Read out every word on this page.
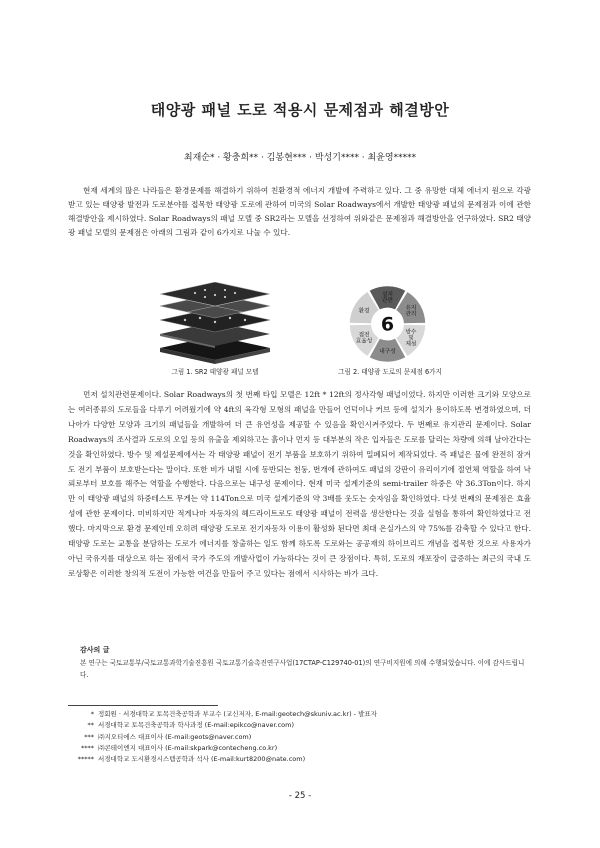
태양광 패널 도로 적용시 문제점과 해결방안
최재순* · 황충희** · 김봉현*** · 박성기**** · 최윤영*****

현재 세계의 많은 나라들은 환경문제를 해결하기 위하여 친환경적 에너지 개발에 주력하고 있다. 그 중 유망한 대체 에너지 원으로 각광받고 있는 태양광 발전과 도로분야를 접목한 태양광 도로에 관하여 미국의 Solar Roadways에서 개발한 태양광 패널의 문제점과 이에 관한 해결방안을 제시하였다. Solar Roadways의 패널 모델 중 SR2라는 모델을 선정하여 위와같은 문제점과 해결방안을 연구하였다. SR2 태양광 패널 모델의 문제점은 아래의 그림과 같이 6가지로 나눌 수 있다.

그림 1. SR2 태양광 패널 모델
설치 관련
유지 관리
방수 및 제설
내구성
접전 효율성
환경
6
그림 2. 태양광 도로의 문제점 6가지

먼저 설치관련문제이다. Solar Roadways의 첫 번째 타입 모델은 12ft * 12ft의 정사각형 패널이었다. 하지만 이러한 크기와 모양으로는 여러종류의 도로들을 다루기 어려웠기에 약 4ft의 육각형 모형의 패널을 만들어 언덕이나 커브 등에 설치가 용이하도록 변경하였으며, 더 나아가 다양한 모양과 크기의 패널들을 개발하여 더 큰 유연성을 제공할 수 있음을 확인시켜주었다. 두 번째로 유지관리 문제이다. Solar Roadways의 조사결과 도로의 오일 등의 유출을 제외하고는 흙이나 먼지 등 대부분의 작은 입자들은 도로를 달리는 차량에 의해 날아간다는 것을 확인하였다. 방수 및 제설문제에서는 각 태양광 패널이 전기 부품을 보호하기 위하여 밀폐되어 제작되었다. 즉 패널은 물에 완전히 잠겨도 전기 부품이 보호받는다는 말이다. 또한 비가 내릴 시에 동반되는 천둥, 번개에 관하여도 패널의 강판이 유리이기에 절연체 역할을 하여 낙뢰로부터 보호를 해주는 역할을 수행한다. 다음으로는 내구성 문제이다. 현재 미국 설계기준의 semi-trailer 하중은 약 36.3Ton이다. 하지만 이 태양광 패널의 하중테스트 무게는 약 114Ton으로 미국 설계기준의 약 3배를 웃도는 숫자임을 확인하였다. 다섯 번째의 문제점은 효율성에 관한 문제이다. 미비하지만 적게나마 자동차의 헤드라이트로도 태양광 패널이 전력을 생산한다는 것을 실험을 통하여 확인하였다고 전했다. 마지막으로 환경 문제인데 오히려 태양광 도로로 전기자동차 이용이 활성화 된다면 최대 온실가스의 약 75%를 감축할 수 있다고 한다. 태양광 도로는 교통을 분담하는 도로가 에너지를 창출하는 일도 함께 하도록 도로와는 공공재의 하이브리드 개념을 접목한 것으로 사용자가 아닌 국유지를 대상으로 하는 점에서 국가 주도의 개발사업이 가능하다는 것이 큰 장점이다. 특히, 도로의 재포장이 급증하는 최근의 국내 도로상황은 이러한 창의적 도전이 가능한 여건을 만들어 주고 있다는 점에서 시사하는 바가 크다.

감사의 글
본 연구는 국토교통부/국토교통과학기술진흥원 국토교통기술촉진연구사업(17CTAP-C129740-01)의 연구비지원에 의해 수행되었습니다. 이에 감사드립니다.
* 정회원 · 서경대학교 토목건축공학과 부교수 (교신저자, E-mail:geotech@skuniv.ac.kr) - 발표자
** 서경대학교 토목건축공학과 학사과정 (E-mail:epikco@naver.com)
*** ㈜지오티에스 대표이사 (E-mail:geots@naver.com)
**** ㈜콘테이엔지 대표이사 (E-mail:skpark@contecheng.co.kr)
***** 서경대학교 도시환경시스템공학과 석사 (E-mail:kurt8200@nate.com)
- 25 -
